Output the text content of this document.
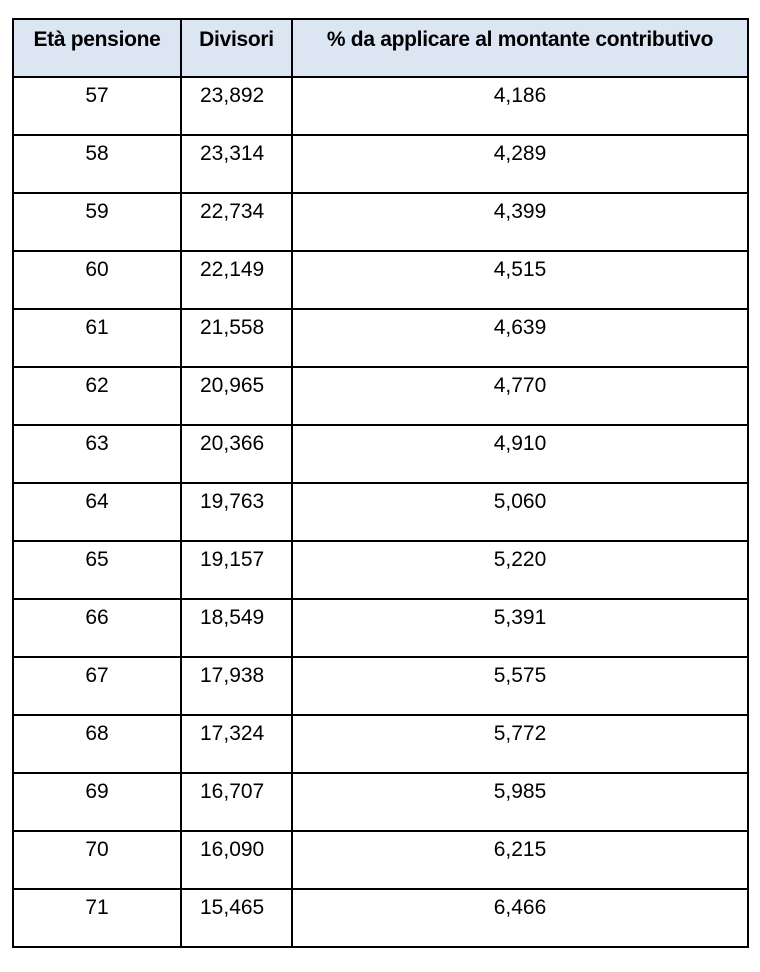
Età pensione	Divisori	% da applicare al montante contributivo
57	23,892	4,186
58	23,314	4,289
59	22,734	4,399
60	22,149	4,515
61	21,558	4,639
62	20,965	4,770
63	20,366	4,910
64	19,763	5,060
65	19,157	5,220
66	18,549	5,391
67	17,938	5,575
68	17,324	5,772
69	16,707	5,985
70	16,090	6,215
71	15,465	6,466
